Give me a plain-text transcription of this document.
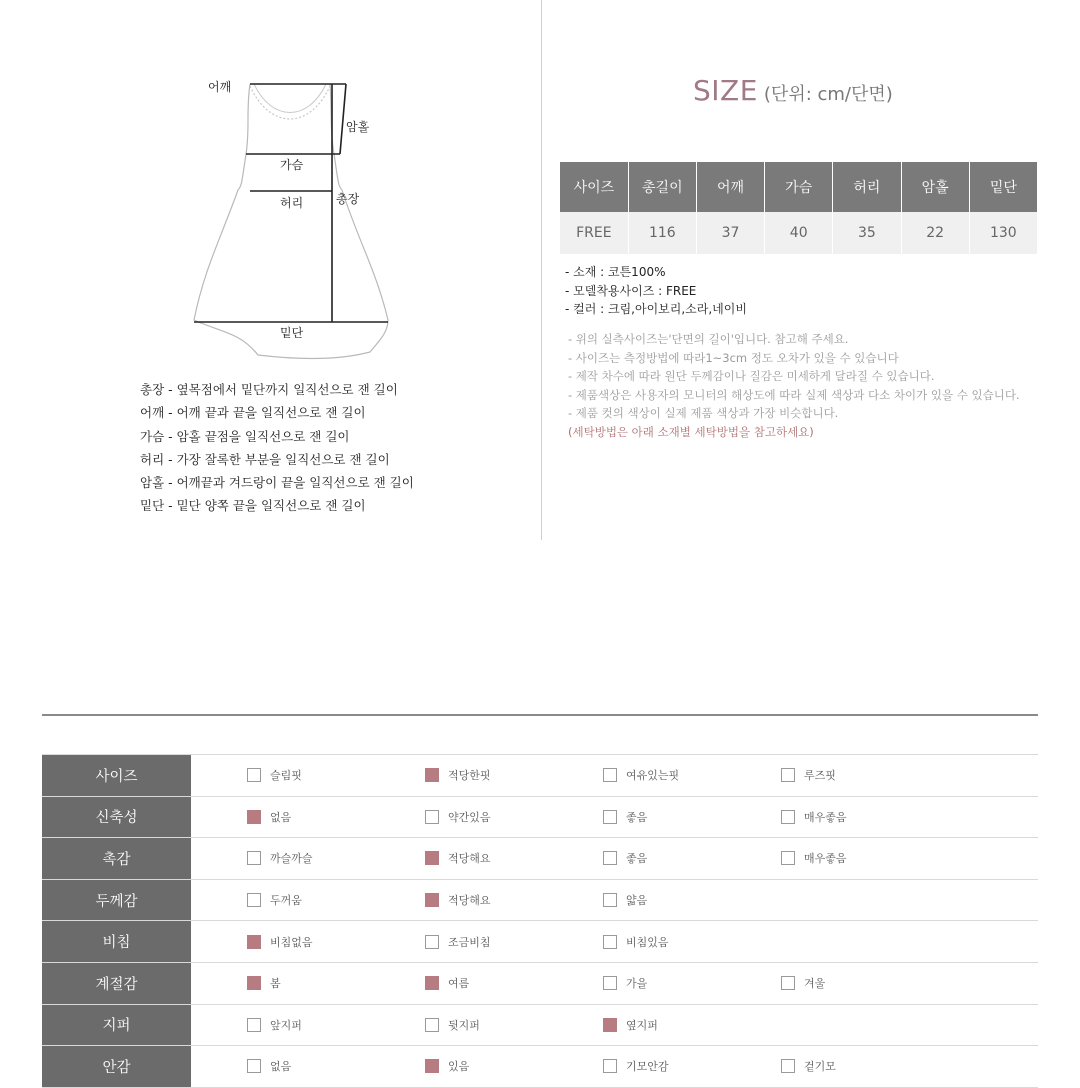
어깨
암홀
가슴
허리	총장
밑단
총장 - 옆목점에서 밑단까지 일직선으로 잰 길이
어깨 - 어깨 끝과 끝을 일직선으로 잰 길이
가슴 - 암홀 끝점을 일직선으로 잰 길이
허리 - 가장 잘록한 부분을 일직선으로 잰 길이
암홀 - 어깨끝과 겨드랑이 끝을 일직선으로 잰 길이
밑단 - 밑단 양쪽 끝을 일직선으로 잰 길이
SIZE (단위: cm/단면)
사이즈	총길이	어깨	가슴	허리	암홀	밑단
FREE	116	37	40	35	22	130
- 소재 : 코튼100%
- 모델착용사이즈 : FREE
- 컬러 : 크림,아이보리,소라,네이비
- 위의 실측사이즈는'단면의 길이'입니다. 참고해 주세요.
- 사이즈는 측정방법에 따라1~3cm 정도 오차가 있을 수 있습니다
- 제작 차수에 따라 원단 두께감이나 질감은 미세하게 달라질 수 있습니다.
- 제품색상은 사용자의 모니터의 해상도에 따라 실제 색상과 다소 차이가 있을 수 있습니다.
- 제품 컷의 색상이 실제 제품 색상과 가장 비슷합니다.
(세탁방법은 아래 소재별 세탁방법을 참고하세요)
사이즈	슬림핏	적당한핏	여유있는핏	루즈핏
신축성	없음	약간있음	좋음	매우좋음
촉감	까슬까슬	적당해요	좋음	매우좋음
두께감	두꺼움	적당해요	얇음
비침	비침없음	조금비침	비침있음
계절감	봄	여름	가을	겨울
지퍼	앞지퍼	뒷지퍼	옆지퍼
안감	없음	있음	기모안감	겉기모
